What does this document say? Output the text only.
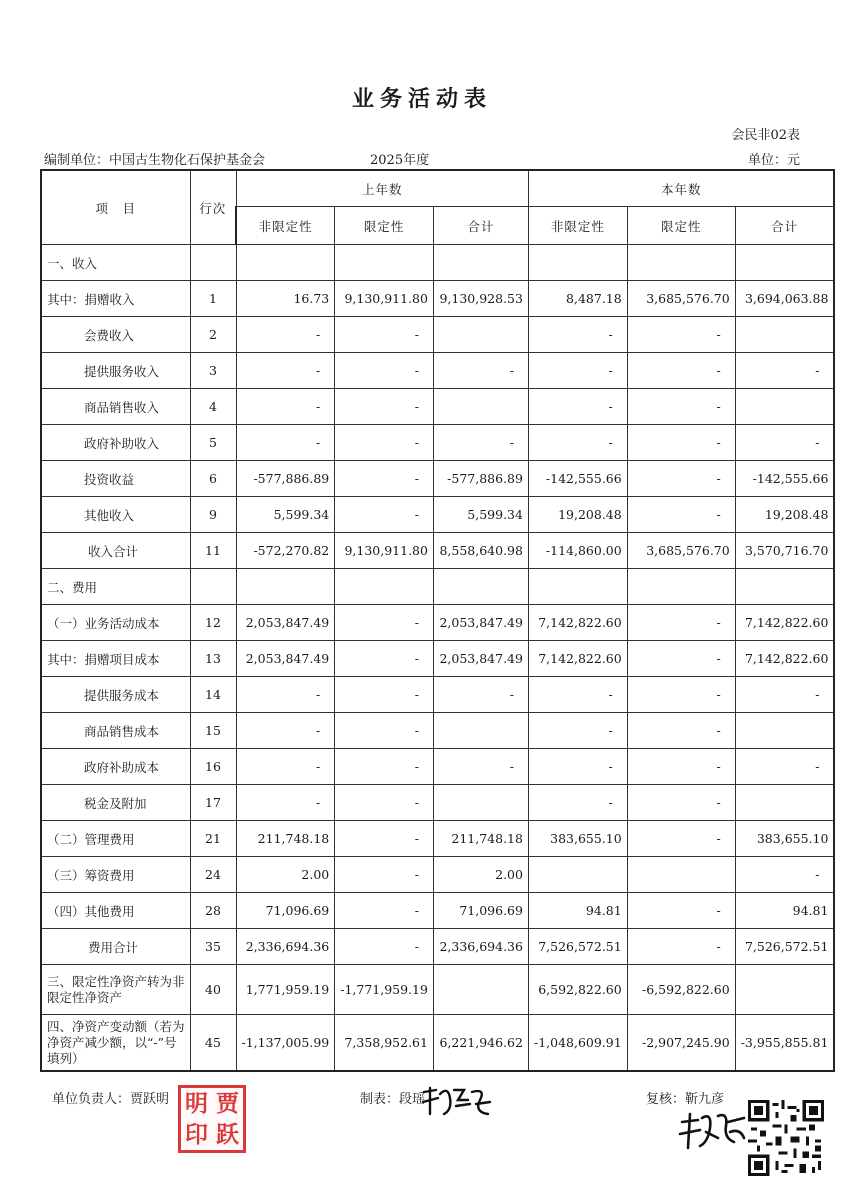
业务活动表
会民非02表
编制单位：中国古生物化石保护基金会	2025年度	单位：元
项　目	行次	上年数			本年数		
		非限定性	限定性	合计	非限定性	限定性	合计
一、收入							
其中：捐赠收入	1	16.73	9,130,911.80	9,130,928.53	8,487.18	3,685,576.70	3,694,063.88
会费收入	2	-	-		-	-	
提供服务收入	3	-	-	-	-	-	-
商品销售收入	4	-	-		-	-	
政府补助收入	5	-	-	-	-	-	-
投资收益	6	-577,886.89	-	-577,886.89	-142,555.66	-	-142,555.66
其他收入	9	5,599.34	-	5,599.34	19,208.48	-	19,208.48
收入合计	11	-572,270.82	9,130,911.80	8,558,640.98	-114,860.00	3,685,576.70	3,570,716.70
二、费用							
（一）业务活动成本	12	2,053,847.49	-	2,053,847.49	7,142,822.60	-	7,142,822.60
其中：捐赠项目成本	13	2,053,847.49	-	2,053,847.49	7,142,822.60	-	7,142,822.60
提供服务成本	14	-	-	-	-	-	-
商品销售成本	15	-	-		-	-	
政府补助成本	16	-	-	-	-	-	-
税金及附加	17	-	-		-	-	
（二）管理费用	21	211,748.18	-	211,748.18	383,655.10	-	383,655.10
（三）筹资费用	24	2.00	-	2.00			-
（四）其他费用	28	71,096.69	-	71,096.69	94.81	-	94.81
费用合计	35	2,336,694.36	-	2,336,694.36	7,526,572.51	-	7,526,572.51
三、限定性净资产转为非限定性净资产	40	1,771,959.19	-1,771,959.19		6,592,822.60	-6,592,822.60	
四、净资产变动额（若为净资产减少额，以“-”号填列）	45	-1,137,005.99	7,358,952.61	6,221,946.62	-1,048,609.91	-2,907,245.90	-3,955,855.81
单位负责人：贾跃明	制表：段瑶	复核：靳九彦
明 贾
印 跃
